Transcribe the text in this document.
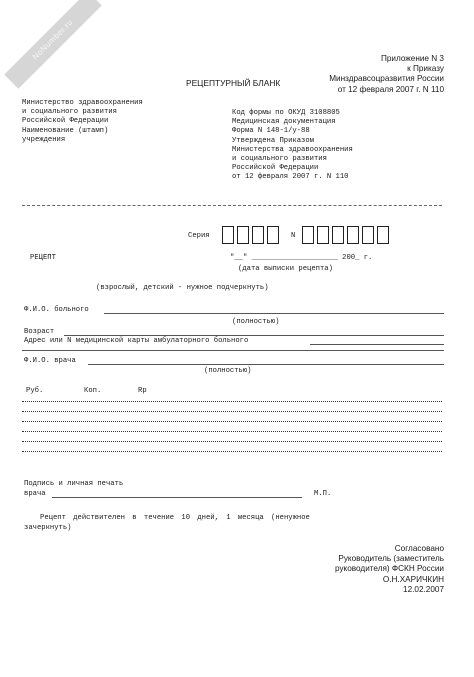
NoNumber.ru	Приложение N 3
к Приказу
Минздравсоцразвития России
от 12 февраля 2007 г. N 110
РЕЦЕПТУРНЫЙ БЛАНК
Министерство здравоохранения
и социального развития
Российской Федерации
Наименование (штамп)
учреждения
Код формы по ОКУД 3108805
Медицинская документация
Форма N 148-1/у-88
Утверждена Приказом
Министерства здравоохранения
и социального развития
Российской Федерации
от 12 февраля 2007 г. N 110
Серия	N
РЕЦЕПТ	"__" ____________________ 200_ г.
(дата выписки рецепта)
(взрослый, детский - нужное подчеркнуть)
Ф.И.О. больного
(полностью)
Возраст
Адрес или N медицинской карты амбулаторного больного
Ф.И.О. врача
(полностью)
Руб.	Коп.	Rp
Подпись и личная печать
врача	М.П.
Рецепт действителен в течение 10 дней, 1 месяца (ненужное
зачеркнуть)
Согласовано
Руководитель (заместитель
руководителя) ФСКН России
О.Н.ХАРИЧКИН
12.02.2007
